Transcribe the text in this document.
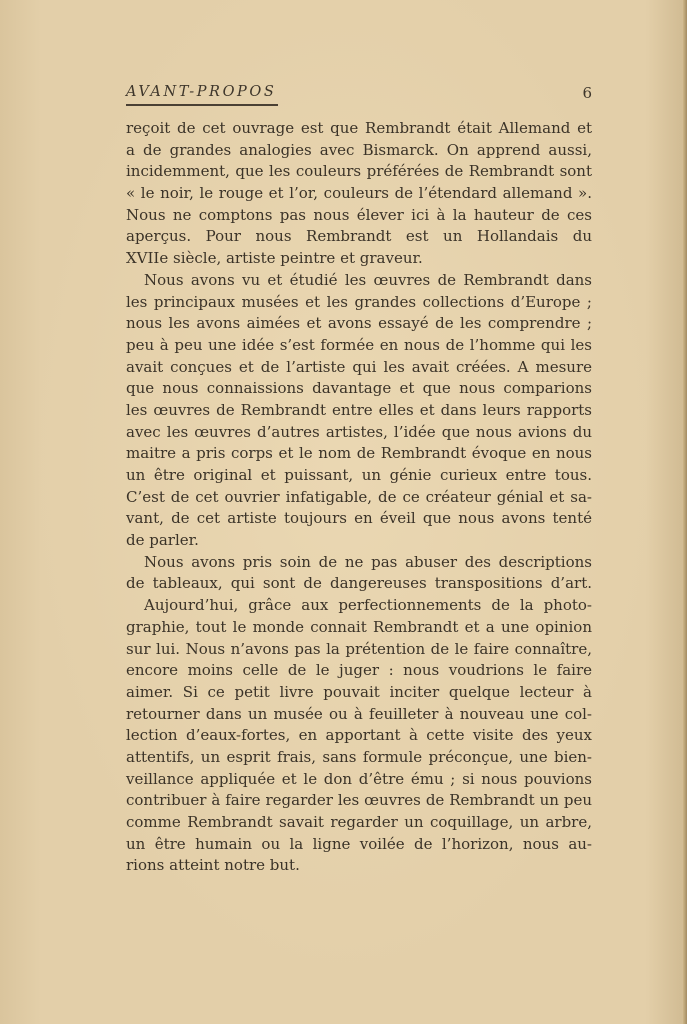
AVANT-PROPOS	6
reçoit de cet ouvrage est que Rembrandt était Allemand et
a de grandes analogies avec Bismarck. On apprend aussi,
incidemment, que les couleurs préférées de Rembrandt sont
« le noir, le rouge et l’or, couleurs de l’étendard allemand ».
Nous ne comptons pas nous élever ici à la hauteur de ces
aperçus. Pour nous Rembrandt est un Hollandais du
XVIIe siècle, artiste peintre et graveur.
Nous avons vu et étudié les œuvres de Rembrandt dans
les principaux musées et les grandes collections d’Europe ;
nous les avons aimées et avons essayé de les comprendre ;
peu à peu une idée s’est formée en nous de l’homme qui les
avait conçues et de l’artiste qui les avait créées. A mesure
que nous connaissions davantage et que nous comparions
les œuvres de Rembrandt entre elles et dans leurs rapports
avec les œuvres d’autres artistes, l’idée que nous avions du
maitre a pris corps et le nom de Rembrandt évoque en nous
un être original et puissant, un génie curieux entre tous.
C’est de cet ouvrier infatigable, de ce créateur génial et sa-
vant, de cet artiste toujours en éveil que nous avons tenté
de parler.
Nous avons pris soin de ne pas abuser des descriptions
de tableaux, qui sont de dangereuses transpositions d’art.
Aujourd’hui, grâce aux perfectionnements de la photo-
graphie, tout le monde connait Rembrandt et a une opinion
sur lui. Nous n’avons pas la prétention de le faire connaître,
encore moins celle de le juger : nous voudrions le faire
aimer. Si ce petit livre pouvait inciter quelque lecteur à
retourner dans un musée ou à feuilleter à nouveau une col-
lection d’eaux-fortes, en apportant à cette visite des yeux
attentifs, un esprit frais, sans formule préconçue, une bien-
veillance appliquée et le don d’être ému ; si nous pouvions
contribuer à faire regarder les œuvres de Rembrandt un peu
comme Rembrandt savait regarder un coquillage, un arbre,
un être humain ou la ligne voilée de l’horizon, nous au-
rions atteint notre but.
